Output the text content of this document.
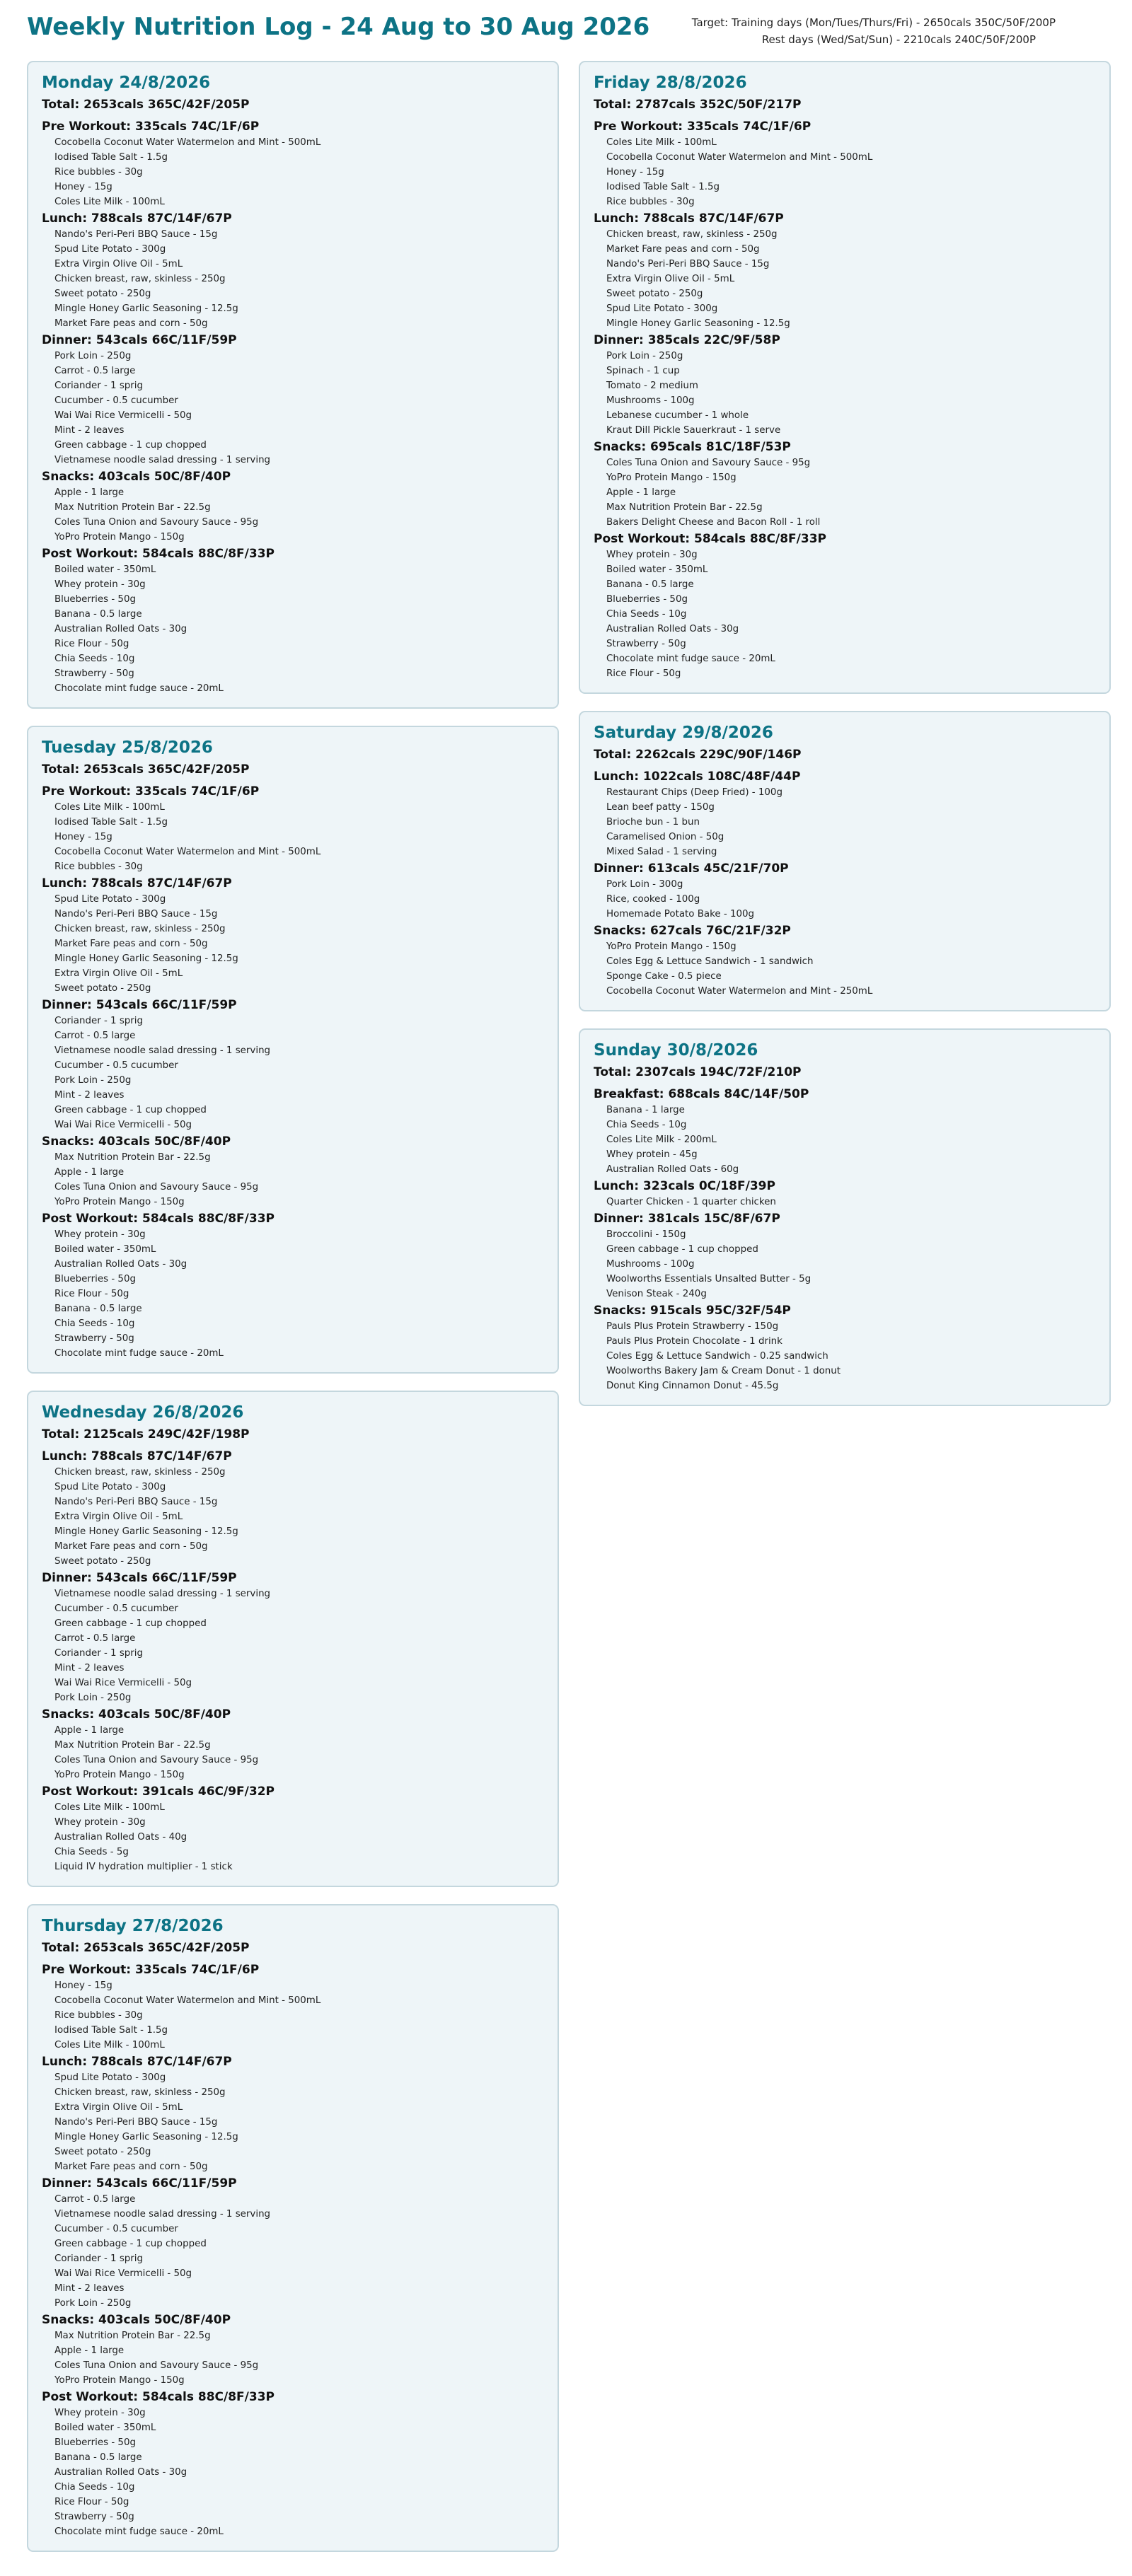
Weekly Nutrition Log - 24 Aug to 30 Aug 2026	Target: Training days (Mon/Tues/Thurs/Fri) - 2650cals 350C/50F/200P
Rest days (Wed/Sat/Sun) - 2210cals 240C/50F/200P
Monday 24/8/2026
Total: 2653cals 365C/42F/205P
Pre Workout: 335cals 74C/1F/6P
Cocobella Coconut Water Watermelon and Mint - 500mL
Iodised Table Salt - 1.5g
Rice bubbles - 30g
Honey - 15g
Coles Lite Milk - 100mL
Lunch: 788cals 87C/14F/67P
Nando's Peri-Peri BBQ Sauce - 15g
Spud Lite Potato - 300g
Extra Virgin Olive Oil - 5mL
Chicken breast, raw, skinless - 250g
Sweet potato - 250g
Mingle Honey Garlic Seasoning - 12.5g
Market Fare peas and corn - 50g
Dinner: 543cals 66C/11F/59P
Pork Loin - 250g
Carrot - 0.5 large
Coriander - 1 sprig
Cucumber - 0.5 cucumber
Wai Wai Rice Vermicelli - 50g
Mint - 2 leaves
Green cabbage - 1 cup chopped
Vietnamese noodle salad dressing - 1 serving
Snacks: 403cals 50C/8F/40P
Apple - 1 large
Max Nutrition Protein Bar - 22.5g
Coles Tuna Onion and Savoury Sauce - 95g
YoPro Protein Mango - 150g
Post Workout: 584cals 88C/8F/33P
Boiled water - 350mL
Whey protein - 30g
Blueberries - 50g
Banana - 0.5 large
Australian Rolled Oats - 30g
Rice Flour - 50g
Chia Seeds - 10g
Strawberry - 50g
Chocolate mint fudge sauce - 20mL
Tuesday 25/8/2026
Total: 2653cals 365C/42F/205P
Pre Workout: 335cals 74C/1F/6P
Coles Lite Milk - 100mL
Iodised Table Salt - 1.5g
Honey - 15g
Cocobella Coconut Water Watermelon and Mint - 500mL
Rice bubbles - 30g
Lunch: 788cals 87C/14F/67P
Spud Lite Potato - 300g
Nando's Peri-Peri BBQ Sauce - 15g
Chicken breast, raw, skinless - 250g
Market Fare peas and corn - 50g
Mingle Honey Garlic Seasoning - 12.5g
Extra Virgin Olive Oil - 5mL
Sweet potato - 250g
Dinner: 543cals 66C/11F/59P
Coriander - 1 sprig
Carrot - 0.5 large
Vietnamese noodle salad dressing - 1 serving
Cucumber - 0.5 cucumber
Pork Loin - 250g
Mint - 2 leaves
Green cabbage - 1 cup chopped
Wai Wai Rice Vermicelli - 50g
Snacks: 403cals 50C/8F/40P
Max Nutrition Protein Bar - 22.5g
Apple - 1 large
Coles Tuna Onion and Savoury Sauce - 95g
YoPro Protein Mango - 150g
Post Workout: 584cals 88C/8F/33P
Whey protein - 30g
Boiled water - 350mL
Australian Rolled Oats - 30g
Blueberries - 50g
Rice Flour - 50g
Banana - 0.5 large
Chia Seeds - 10g
Strawberry - 50g
Chocolate mint fudge sauce - 20mL
Wednesday 26/8/2026
Total: 2125cals 249C/42F/198P
Lunch: 788cals 87C/14F/67P
Chicken breast, raw, skinless - 250g
Spud Lite Potato - 300g
Nando's Peri-Peri BBQ Sauce - 15g
Extra Virgin Olive Oil - 5mL
Mingle Honey Garlic Seasoning - 12.5g
Market Fare peas and corn - 50g
Sweet potato - 250g
Dinner: 543cals 66C/11F/59P
Vietnamese noodle salad dressing - 1 serving
Cucumber - 0.5 cucumber
Green cabbage - 1 cup chopped
Carrot - 0.5 large
Coriander - 1 sprig
Mint - 2 leaves
Wai Wai Rice Vermicelli - 50g
Pork Loin - 250g
Snacks: 403cals 50C/8F/40P
Apple - 1 large
Max Nutrition Protein Bar - 22.5g
Coles Tuna Onion and Savoury Sauce - 95g
YoPro Protein Mango - 150g
Post Workout: 391cals 46C/9F/32P
Coles Lite Milk - 100mL
Whey protein - 30g
Australian Rolled Oats - 40g
Chia Seeds - 5g
Liquid IV hydration multiplier - 1 stick
Thursday 27/8/2026
Total: 2653cals 365C/42F/205P
Pre Workout: 335cals 74C/1F/6P
Honey - 15g
Cocobella Coconut Water Watermelon and Mint - 500mL
Rice bubbles - 30g
Iodised Table Salt - 1.5g
Coles Lite Milk - 100mL
Lunch: 788cals 87C/14F/67P
Spud Lite Potato - 300g
Chicken breast, raw, skinless - 250g
Extra Virgin Olive Oil - 5mL
Nando's Peri-Peri BBQ Sauce - 15g
Mingle Honey Garlic Seasoning - 12.5g
Sweet potato - 250g
Market Fare peas and corn - 50g
Dinner: 543cals 66C/11F/59P
Carrot - 0.5 large
Vietnamese noodle salad dressing - 1 serving
Cucumber - 0.5 cucumber
Green cabbage - 1 cup chopped
Coriander - 1 sprig
Wai Wai Rice Vermicelli - 50g
Mint - 2 leaves
Pork Loin - 250g
Snacks: 403cals 50C/8F/40P
Max Nutrition Protein Bar - 22.5g
Apple - 1 large
Coles Tuna Onion and Savoury Sauce - 95g
YoPro Protein Mango - 150g
Post Workout: 584cals 88C/8F/33P
Whey protein - 30g
Boiled water - 350mL
Blueberries - 50g
Banana - 0.5 large
Australian Rolled Oats - 30g
Chia Seeds - 10g
Rice Flour - 50g
Strawberry - 50g
Chocolate mint fudge sauce - 20mL
Friday 28/8/2026
Total: 2787cals 352C/50F/217P
Pre Workout: 335cals 74C/1F/6P
Coles Lite Milk - 100mL
Cocobella Coconut Water Watermelon and Mint - 500mL
Honey - 15g
Iodised Table Salt - 1.5g
Rice bubbles - 30g
Lunch: 788cals 87C/14F/67P
Chicken breast, raw, skinless - 250g
Market Fare peas and corn - 50g
Nando's Peri-Peri BBQ Sauce - 15g
Extra Virgin Olive Oil - 5mL
Sweet potato - 250g
Spud Lite Potato - 300g
Mingle Honey Garlic Seasoning - 12.5g
Dinner: 385cals 22C/9F/58P
Pork Loin - 250g
Spinach - 1 cup
Tomato - 2 medium
Mushrooms - 100g
Lebanese cucumber - 1 whole
Kraut Dill Pickle Sauerkraut - 1 serve
Snacks: 695cals 81C/18F/53P
Coles Tuna Onion and Savoury Sauce - 95g
YoPro Protein Mango - 150g
Apple - 1 large
Max Nutrition Protein Bar - 22.5g
Bakers Delight Cheese and Bacon Roll - 1 roll
Post Workout: 584cals 88C/8F/33P
Whey protein - 30g
Boiled water - 350mL
Banana - 0.5 large
Blueberries - 50g
Chia Seeds - 10g
Australian Rolled Oats - 30g
Strawberry - 50g
Chocolate mint fudge sauce - 20mL
Rice Flour - 50g
Saturday 29/8/2026
Total: 2262cals 229C/90F/146P
Lunch: 1022cals 108C/48F/44P
Restaurant Chips (Deep Fried) - 100g
Lean beef patty - 150g
Brioche bun - 1 bun
Caramelised Onion - 50g
Mixed Salad - 1 serving
Dinner: 613cals 45C/21F/70P
Pork Loin - 300g
Rice, cooked - 100g
Homemade Potato Bake - 100g
Snacks: 627cals 76C/21F/32P
YoPro Protein Mango - 150g
Coles Egg & Lettuce Sandwich - 1 sandwich
Sponge Cake - 0.5 piece
Cocobella Coconut Water Watermelon and Mint - 250mL
Sunday 30/8/2026
Total: 2307cals 194C/72F/210P
Breakfast: 688cals 84C/14F/50P
Banana - 1 large
Chia Seeds - 10g
Coles Lite Milk - 200mL
Whey protein - 45g
Australian Rolled Oats - 60g
Lunch: 323cals 0C/18F/39P
Quarter Chicken - 1 quarter chicken
Dinner: 381cals 15C/8F/67P
Broccolini - 150g
Green cabbage - 1 cup chopped
Mushrooms - 100g
Woolworths Essentials Unsalted Butter - 5g
Venison Steak - 240g
Snacks: 915cals 95C/32F/54P
Pauls Plus Protein Strawberry - 150g
Pauls Plus Protein Chocolate - 1 drink
Coles Egg & Lettuce Sandwich - 0.25 sandwich
Woolworths Bakery Jam & Cream Donut - 1 donut
Donut King Cinnamon Donut - 45.5g
